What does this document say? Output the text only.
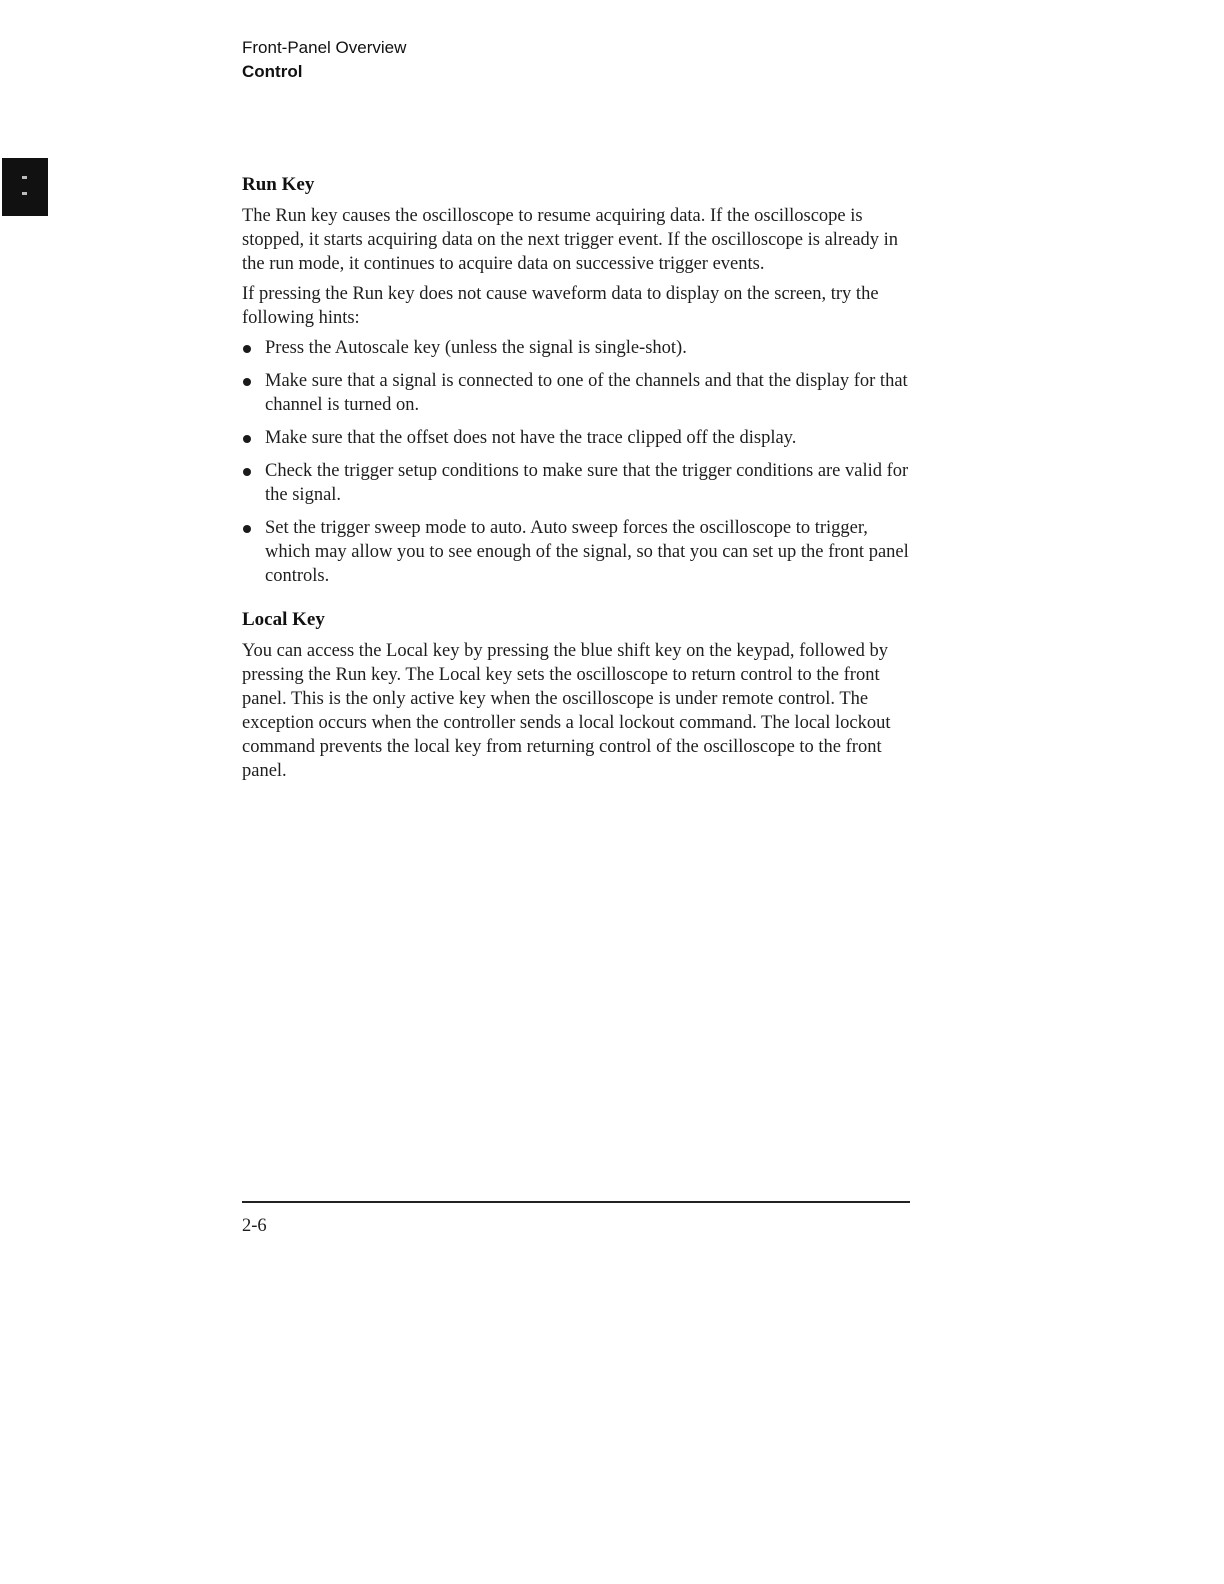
Front-Panel Overview
Control
Run Key

The Run key causes the oscilloscope to resume acquiring data. If the oscilloscope is stopped, it starts acquiring data on the next trigger event. If the oscilloscope is already in the run mode, it continues to acquire data on successive trigger events.

If pressing the Run key does not cause waveform data to display on the screen, try the following hints:

Press the Autoscale key (unless the signal is single-shot).
Make sure that a signal is connected to one of the channels and that the display for that channel is turned on.
Make sure that the offset does not have the trace clipped off the display.
Check the trigger setup conditions to make sure that the trigger conditions are valid for the signal.
Set the trigger sweep mode to auto. Auto sweep forces the oscilloscope to trigger, which may allow you to see enough of the signal, so that you can set up the front panel controls.
Local Key

You can access the Local key by pressing the blue shift key on the keypad, followed by pressing the Run key. The Local key sets the oscilloscope to return control to the front panel. This is the only active key when the oscilloscope is under remote control. The exception occurs when the controller sends a local lockout command. The local lockout command prevents the local key from returning control of the oscilloscope to the front panel.

2-6
